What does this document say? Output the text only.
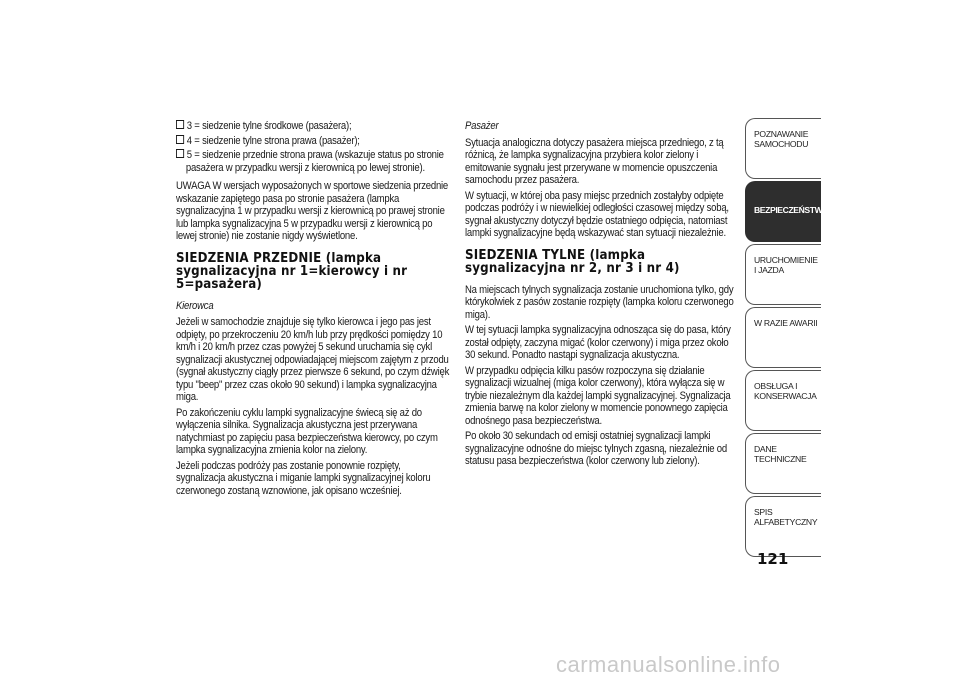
3 = siedzenie tylne środkowe (pasażera);
4 = siedzenie tylne strona prawa (pasażer);
5 = siedzenie przednie strona prawa (wskazuje status po stronie pasażera w przypadku wersji z kierownicą po lewej stronie).

UWAGA W wersjach wyposażonych w sportowe siedzenia przednie wskazanie zapiętego pasa po stronie pasażera (lampka sygnalizacyjna 1 w przypadku wersji z kierownicą po prawej stronie lub lampka sygnalizacyjna 5 w przypadku wersji z kierownicą po lewej stronie) nie zostanie nigdy wyświetlone.

SIEDZENIA PRZEDNIE (lampka sygnalizacyjna nr 1=kierowcy i nr 5=pasażera)

Kierowca

Jeżeli w samochodzie znajduje się tylko kierowca i jego pas jest odpięty, po przekroczeniu 20 km/h lub przy prędkości pomiędzy 10 km/h i 20 km/h przez czas powyżej 5 sekund uruchamia się cykl sygnalizacji akustycznej odpowiadającej miejscom zajętym z przodu (sygnał akustyczny ciągły przez pierwsze 6 sekund, po czym dźwięk typu "beep" przez czas około 90 sekund) i lampka sygnalizacyjna miga.

Po zakończeniu cyklu lampki sygnalizacyjne świecą się aż do wyłączenia silnika. Sygnalizacja akustyczna jest przerywana natychmiast po zapięciu pasa bezpieczeństwa kierowcy, po czym lampka sygnalizacyjna zmienia kolor na zielony.

Jeżeli podczas podróży pas zostanie ponownie rozpięty, sygnalizacja akustyczna i miganie lampki sygnalizacyjnej koloru czerwonego zostaną wznowione, jak opisano wcześniej.

Pasażer

Sytuacja analogiczna dotyczy pasażera miejsca przedniego, z tą różnicą, że lampka sygnalizacyjna przybiera kolor zielony i emitowanie sygnału jest przerywane w momencie opuszczenia samochodu przez pasażera.

W sytuacji, w której oba pasy miejsc przednich zostałyby odpięte podczas podróży i w niewielkiej odległości czasowej między sobą, sygnał akustyczny dotyczył będzie ostatniego odpięcia, natomiast lampki sygnalizacyjne będą wskazywać stan sytuacji niezależnie.

SIEDZENIA TYLNE (lampka sygnalizacyjna nr 2, nr 3 i nr 4)

Na miejscach tylnych sygnalizacja zostanie uruchomiona tylko, gdy którykolwiek z pasów zostanie rozpięty (lampka koloru czerwonego miga).

W tej sytuacji lampka sygnalizacyjna odnosząca się do pasa, który został odpięty, zaczyna migać (kolor czerwony) i miga przez około 30 sekund. Ponadto nastąpi sygnalizacja akustyczna.

W przypadku odpięcia kilku pasów rozpoczyna się działanie sygnalizacji wizualnej (miga kolor czerwony), która wyłącza się w trybie niezależnym dla każdej lampki sygnalizacyjnej. Sygnalizacja zmienia barwę na kolor zielony w momencie ponownego zapięcia odnośnego pasa bezpieczeństwa.

Po około 30 sekundach od emisji ostatniej sygnalizacji lampki sygnalizacyjne odnośne do miejsc tylnych zgasną, niezależnie od statusu pasa bezpieczeństwa (kolor czerwony lub zielony).

POZNAWANIE SAMOCHODU
BEZPIECZEŃSTWO
URUCHOMIENIE I JAZDA
W RAZIE AWARII
OBSŁUGA I KONSERWACJA
DANE TECHNICZNE
SPIS ALFABETYCZNY
121
carmanualsonline.info
